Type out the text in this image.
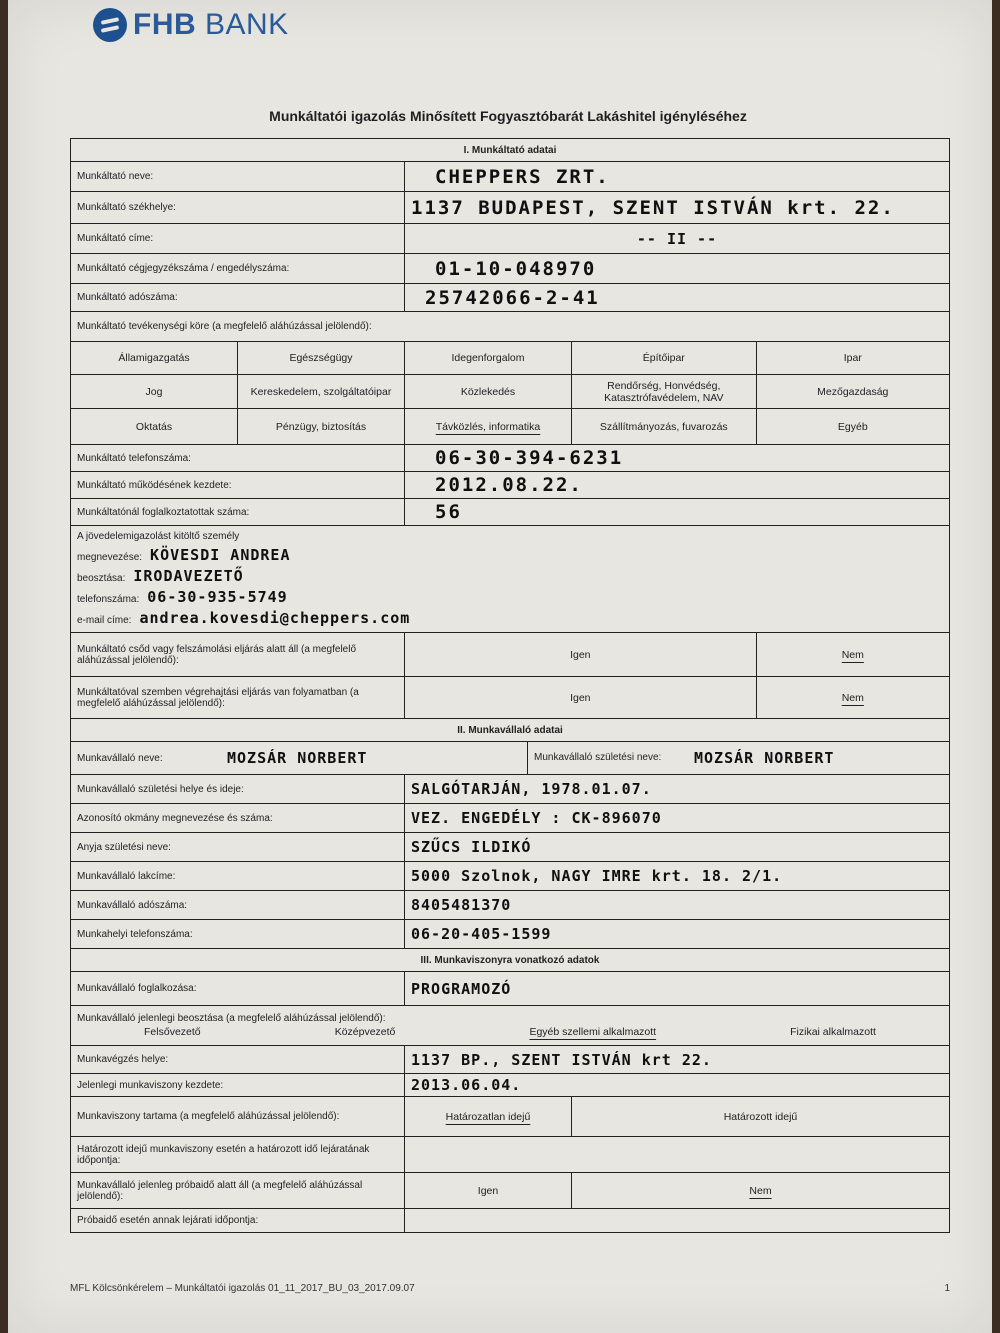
FHB BANK
Munkáltatói igazolás Minősített Fogyasztóbarát Lakáshitel igényléséhez
I. Munkáltató adatai				
Munkáltató neve:		CHEPPERS ZRT.		
Munkáltató székhelye:		1137 BUDAPEST, SZENT ISTVÁN krt. 22.		
Munkáltató címe:		-- II --		
Munkáltató cégjegyzékszáma / engedélyszáma:		01-10-048970		
Munkáltató adószáma:		25742066-2-41		
Munkáltató tevékenységi köre (a megfelelő aláhúzással jelölendő):				
Államigazgatás	Egészségügy	Idegenforgalom	Építőipar	Ipar
Jog	Kereskedelem, szolgáltatóipar	Közlekedés	Rendőrség, Honvédség, Katasztrófavédelem, NAV	Mezőgazdaság
Oktatás	Pénzügy, biztosítás	Távközlés, informatika	Szállítmányozás, fuvarozás	Egyéb
Munkáltató telefonszáma:		06-30-394-6231		
Munkáltató működésének kezdete:		2012.08.22.		
Munkáltatónál foglalkoztatottak száma:		56		

A jövedelemigazolást kitöltő személy
megnevezése: KÖVESDI ANDREA
beosztása: IRODAVEZETŐ
telefonszáma: 06-30-935-5749
e-mail címe: andrea.kovesdi@cheppers.com				

Munkáltató csőd vagy felszámolási eljárás alatt áll (a megfelelő aláhúzással jelölendő):		Igen		Nem
Munkáltatóval szemben végrehajtási eljárás van folyamatban (a megfelelő aláhúzással jelölendő):		Igen		Nem
II. Munkavállaló adatai				

Munkavállaló neve: MOZSÁR NORBERT Munkavállaló születési neve: MOZSÁR NORBERT				

Munkavállaló születési helye és ideje:		SALGÓTARJÁN, 1978.01.07.		
Azonosító okmány megnevezése és száma:		VEZ. ENGEDÉLY : CK-896070		
Anyja születési neve:		SZŰCS ILDIKÓ		
Munkavállaló lakcíme:		5000 Szolnok, NAGY IMRE krt. 18. 2/1.		
Munkavállaló adószáma:		8405481370		
Munkahelyi telefonszáma:		06-20-405-1599		
III. Munkaviszonyra vonatkozó adatok				
Munkavállaló foglalkozása:		PROGRAMOZÓ		

Munkavállaló jelenlegi beosztása (a megfelelő aláhúzással jelölendő):
Felsővezető Középvezető Egyéb szellemi alkalmazott Fizikai alkalmazott				

Munkavégzés helye:		1137 BP., SZENT ISTVÁN krt 22.		
Jelenlegi munkaviszony kezdete:		2013.06.04.		
Munkaviszony tartama (a megfelelő aláhúzással jelölendő):		Határozatlan idejű	Határozott idejű	
Határozott idejű munkaviszony esetén a határozott idő lejáratának időpontja:				
Munkavállaló jelenleg próbaidő alatt áll (a megfelelő aláhúzással jelölendő):		Igen	Nem	
Próbaidő esetén annak lejárati időpontja:				
MFL Kölcsönkérelem – Munkáltatói igazolás 01_11_2017_BU_03_2017.09.07	1
